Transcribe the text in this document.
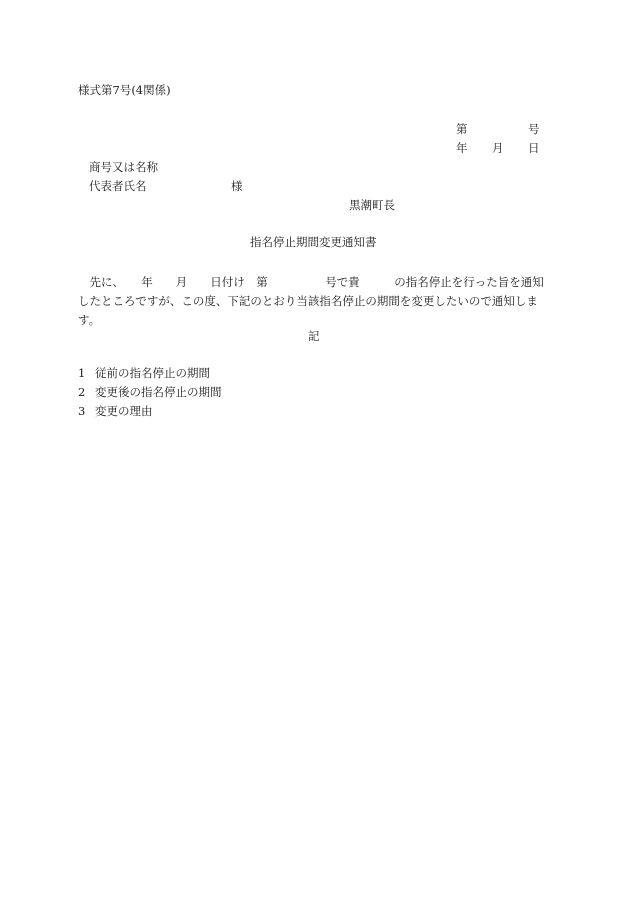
様式第7号(4関係)
第	号
年 月 日
商号又は名称
代表者氏名	様
黒潮町長
指名停止期間変更通知書
先に、　　年　　月　　日付け　第　　　　　号で貴　　　の指名停止を行った旨を通知したところですが、この度、下記のとおり当該指名停止の期間を変更したいので通知します。
記
1 従前の指名停止の期間
2 変更後の指名停止の期間
3 変更の理由
